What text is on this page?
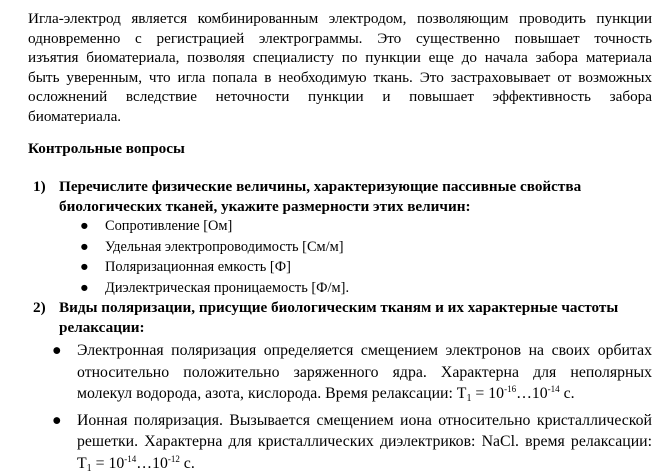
Игла-электрод является комбинированным электродом, позволяющим проводить пункции
одновременно с регистрацией электрограммы. Это существенно повышает точность
изъятия биоматериала, позволяя специалисту по пункции еще до начала забора материала
быть уверенным, что игла попала в необходимую ткань. Это застраховывает от возможных
осложнений вследствие неточности пункции и повышает эффективность забора
биоматериала.
Контрольные вопросы
1) Перечислите физические величины, характеризующие пассивные свойства
биологических тканей, укажите размерности этих величин:
● Сопротивление [Ом]
● Удельная электропроводимость [См/м]
● Поляризационная емкость [Ф]
● Диэлектрическая проницаемость [Ф/м].
2) Виды поляризации, присущие биологическим тканям и их характерные частоты
релаксации:
● Электронная поляризация определяется смещением электронов на своих орбитах
относительно положительно заряженного ядра. Характерна для неполярных
молекул водорода, азота, кислорода. Время релаксации: $T_1$ = $10^{-16}\dots 10^{-14}$ с.
● Ионная поляризация. Вызывается смещением иона относительно кристаллической
решетки. Характерна для кристаллических диэлектриков: NaCl. время релаксации:
$T_1$ = $10^{-14}\dots 10^{-12}$ с.
